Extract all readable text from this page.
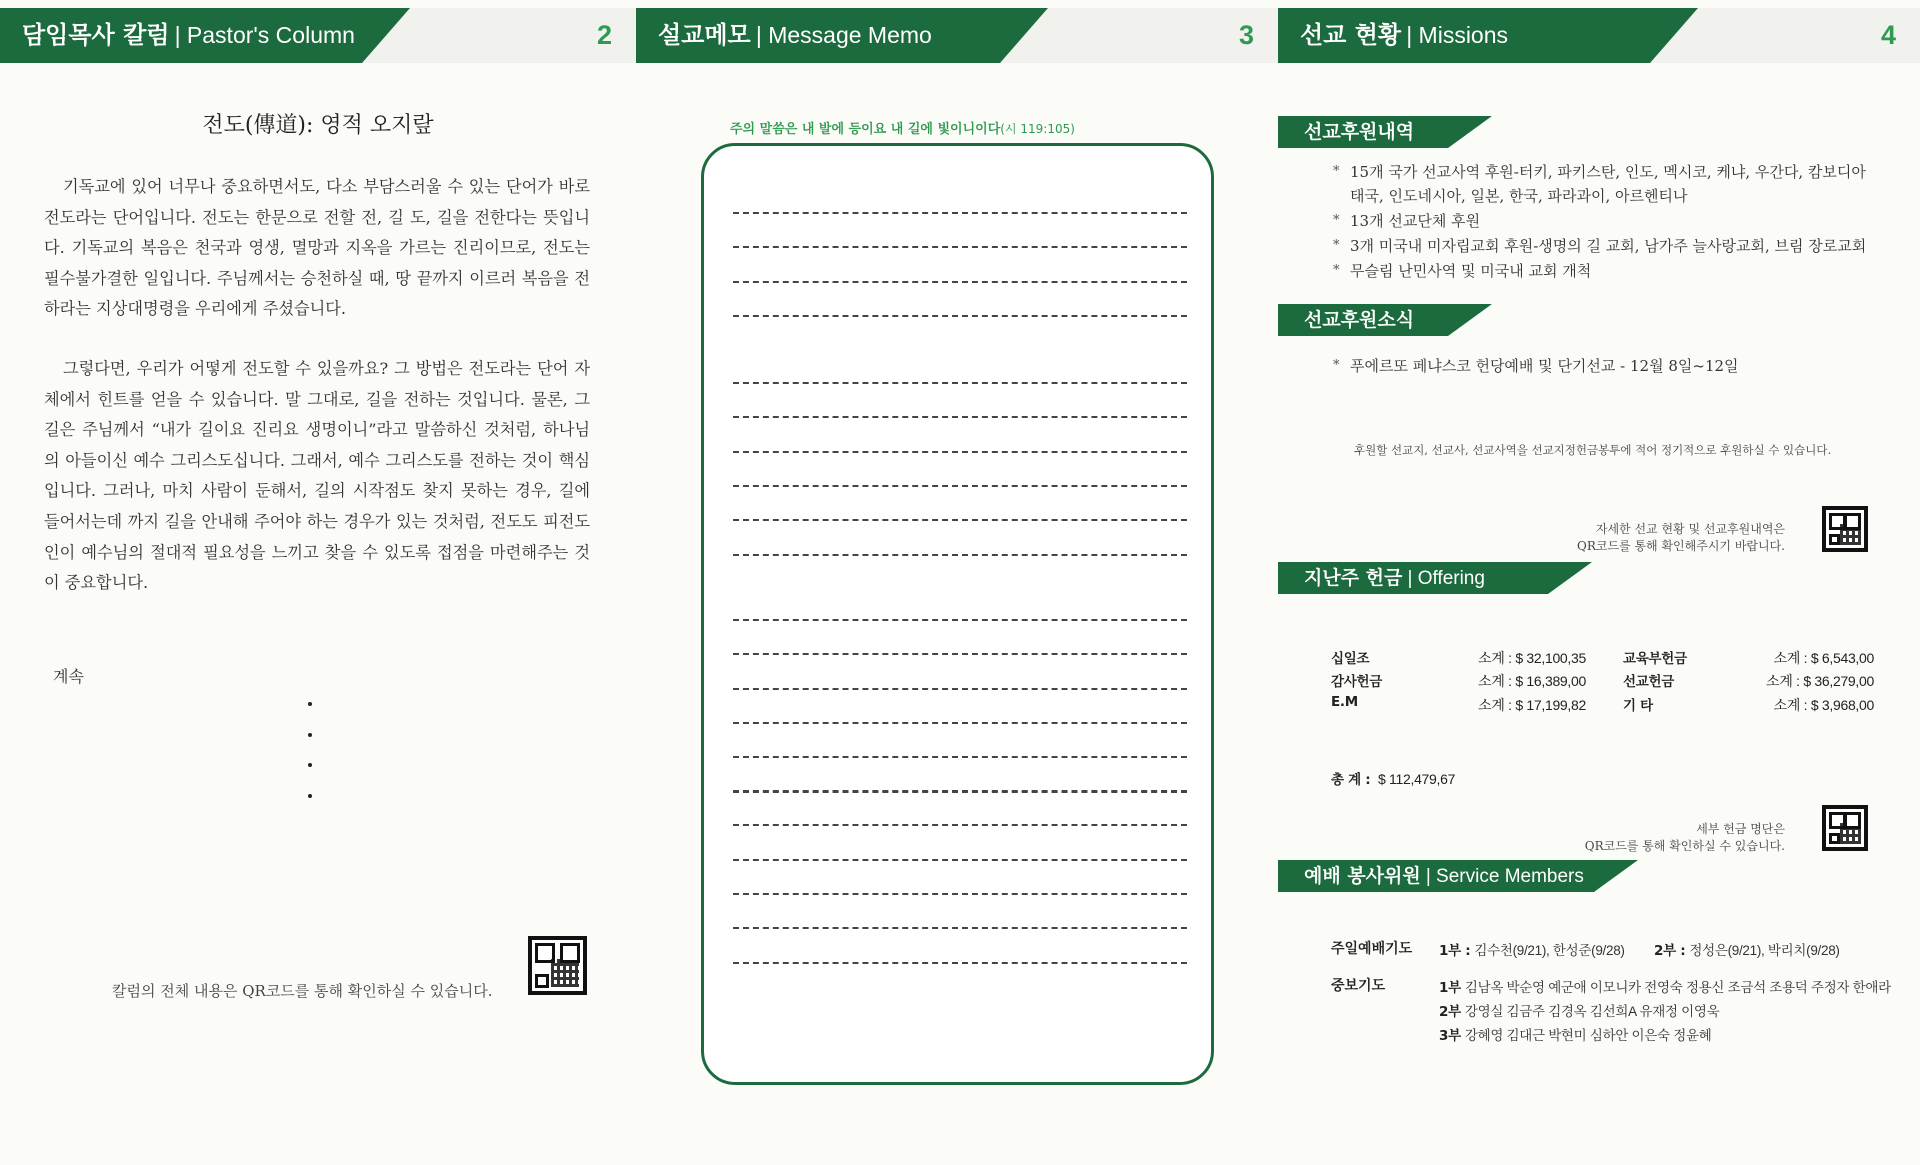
담임목사 칼럼 | Pastor's Column	2
전도(傳道): 영적 오지랖

기독교에 있어 너무나 중요하면서도, 다소 부담스러울 수 있는 단어가 바로 전도라는 단어입니다. 전도는 한문으로 전할 전, 길 도, 길을 전한다는 뜻입니다. 기독교의 복음은 천국과 영생, 멸망과 지옥을 가르는 진리이므로, 전도는 필수불가결한 일입니다. 주님께서는 승천하실 때, 땅 끝까지 이르러 복음을 전하라는 지상대명령을 우리에게 주셨습니다.

그렇다면, 우리가 어떻게 전도할 수 있을까요? 그 방법은 전도라는 단어 자체에서 힌트를 얻을 수 있습니다. 말 그대로, 길을 전하는 것입니다. 물론, 그 길은 주님께서 “내가 길이요 진리요 생명이니”라고 말씀하신 것처럼, 하나님의 아들이신 예수 그리스도십니다. 그래서, 예수 그리스도를 전하는 것이 핵심입니다. 그러나, 마치 사람이 둔해서, 길의 시작점도 찾지 못하는 경우, 길에 들어서는데 까지 길을 안내해 주어야 하는 경우가 있는 것처럼, 전도도 피전도인이 예수님의 절대적 필요성을 느끼고 찾을 수 있도록 접점을 마련해주는 것이 중요합니다.

계속
칼럼의 전체 내용은 QR코드를 통해 확인하실 수 있습니다.
설교메모 | Message Memo	3
주의 말씀은 내 발에 등이요 내 길에 빛이니이다(시 119:105)
선교 현황 | Missions	4
선교후원내역
* 15개 국가 선교사역 후원-터키, 파키스탄, 인도, 멕시코, 케냐, 우간다, 캄보디아 태국, 인도네시아, 일본, 한국, 파라과이, 아르헨티나
* 13개 선교단체 후원
* 3개 미국내 미자립교회 후원-생명의 길 교회, 남가주 늘사랑교회, 브림 장로교회
* 무슬림 난민사역 및 미국내 교회 개척
선교후원소식
* 푸에르또 페냐스코 헌당예배 및 단기선교 - 12월 8일~12일
후원할 선교지, 선교사, 선교사역을 선교지정헌금봉투에 적어 정기적으로 후원하실 수 있습니다.
자세한 선교 현황 및 선교후원내역은
QR코드를 통해 확인해주시기 바랍니다.
지난주 헌금 | Offering
십일조	소계 : $ 32,100,35
감사헌금	소계 : $ 16,389,00
E.M	소계 : $ 17,199,82
교육부헌금	소계 : $ 6,543,00
선교헌금	소계 : $ 36,279,00
기 타	소계 : $ 3,968,00
총 계 : $ 112,479,67
세부 헌금 명단은
QR코드를 통해 확인하실 수 있습니다.
예배 봉사위원 | Service Members
주일예배기도 1부 : 김수천(9/21), 한성준(9/28) 2부 : 정성은(9/21), 박리치(9/28)
중보기도	1부 김남옥 박순영 예군애 이모니카 전영숙 정용신 조금석 조용덕 주정자 한애라
2부 강영실 김금주 김경옥 김선희A 유재정 이영욱
3부 강혜영 김대근 박현미 심하안 이은숙 정윤혜
